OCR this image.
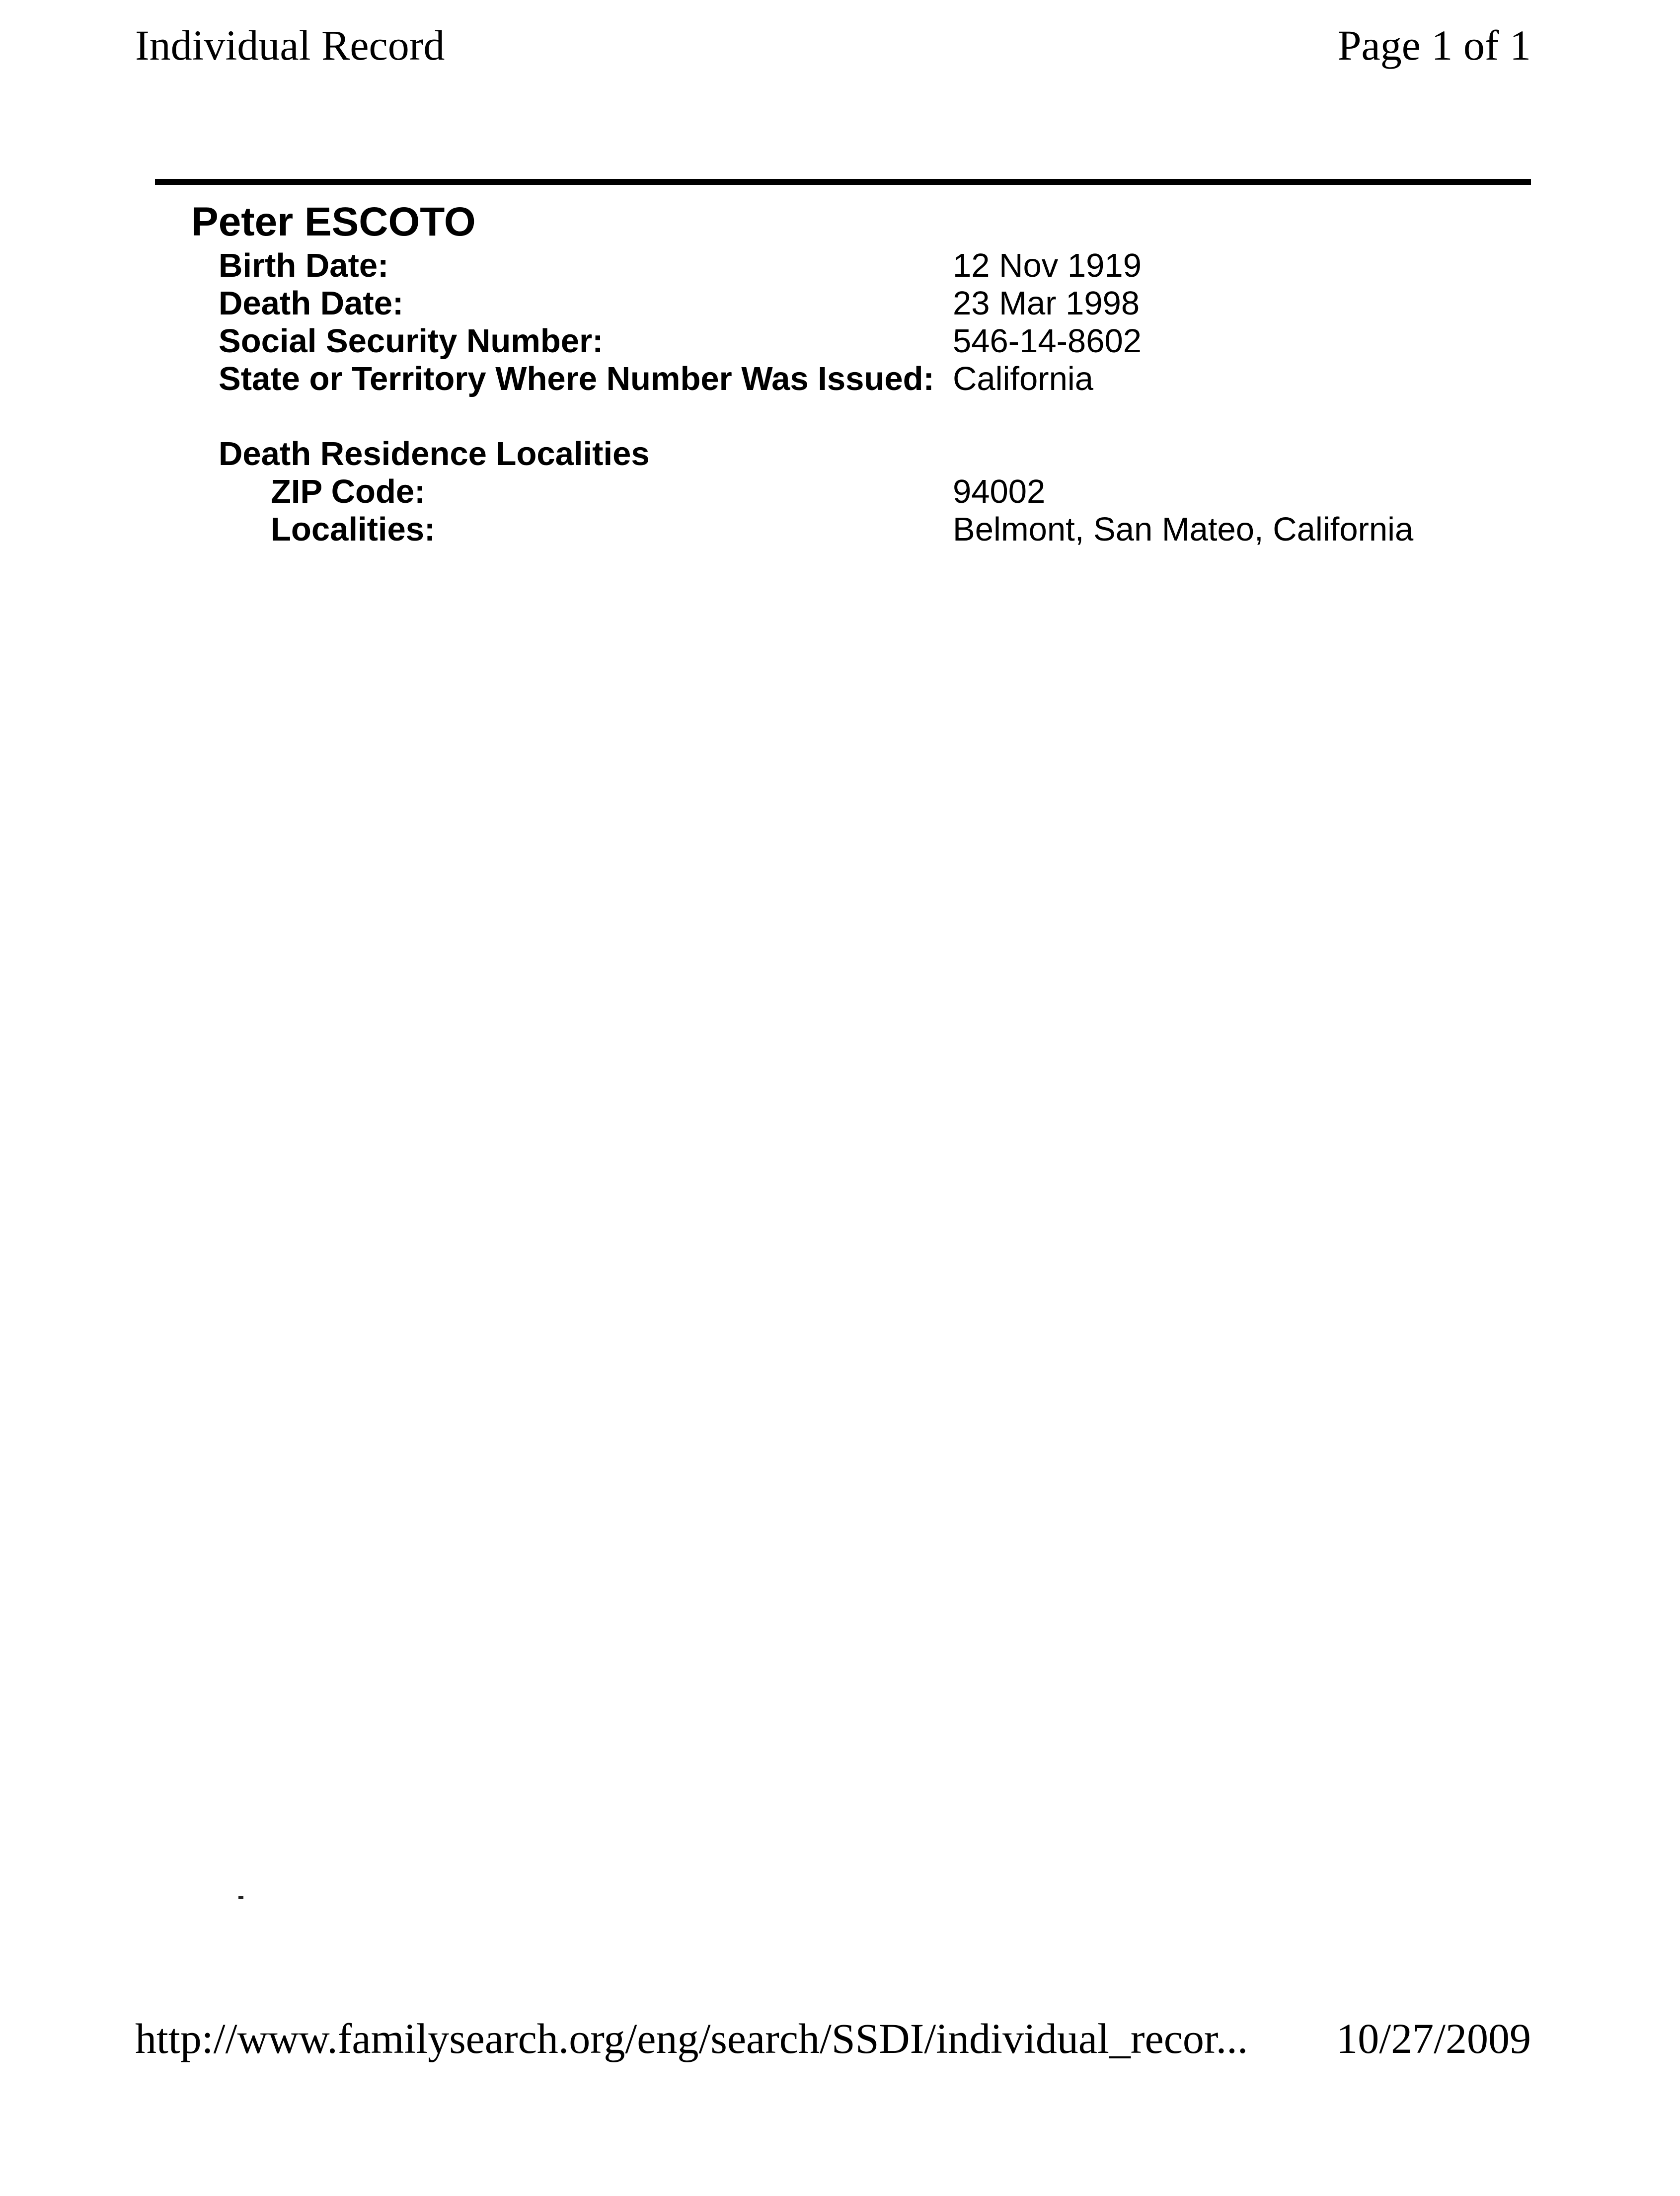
Individual Record	Page 1 of 1
Peter ESCOTO
Birth Date:	12 Nov 1919
Death Date:	23 Mar 1998
Social Security Number:	546-14-8602
State or Territory Where Number Was Issued: California
Death Residence Localities
ZIP Code:	94002
Localities:	Belmont, San Mateo, California
http://www.familysearch.org/eng/search/SSDI/individual_recor... 10/27/2009
